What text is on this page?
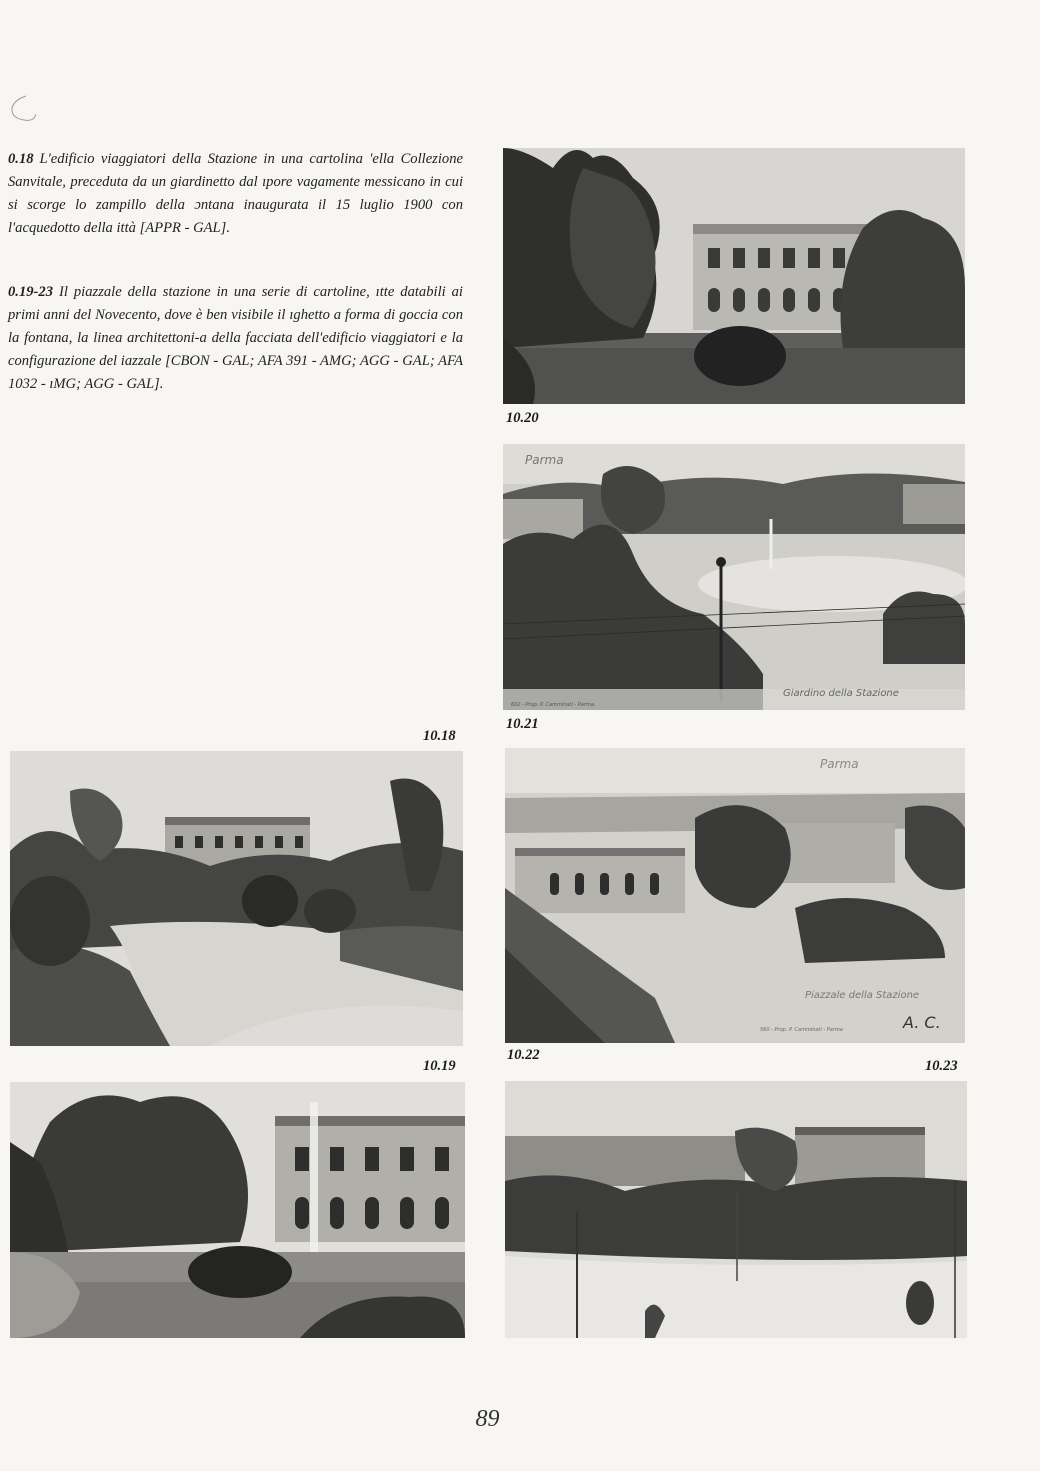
0.18 L'edificio viaggiatori della Stazione in una cartolina 'ella Collezione Sanvitale, preceduta da un giardinetto dal ıpore vagamente messicano in cui si scorge lo zampillo della ɔntana inaugurata il 15 luglio 1900 con l'acquedotto della ittà [APPR - GAL].

0.19-23 Il piazzale della stazione in una serie di cartoline, ıtte databili ai primi anni del Novecento, dove è ben visibile il ıghetto a forma di goccia con la fontana, la linea architettoni-a della facciata dell'edificio viaggiatori e la configurazione del iazzale [CBON - GAL; AFA 391 - AMG; AGG - GAL; AFA 1032 - ıMG; AGG - GAL].

10.20
Parma
Giardino della Stazione
602 - Prop. P. Camminati - Parma.
10.21
10.18
Parma
Piazzale della Stazione
560 - Prop. P. Camminati - Parma	A. C.
10.22
10.19	10.23
89
